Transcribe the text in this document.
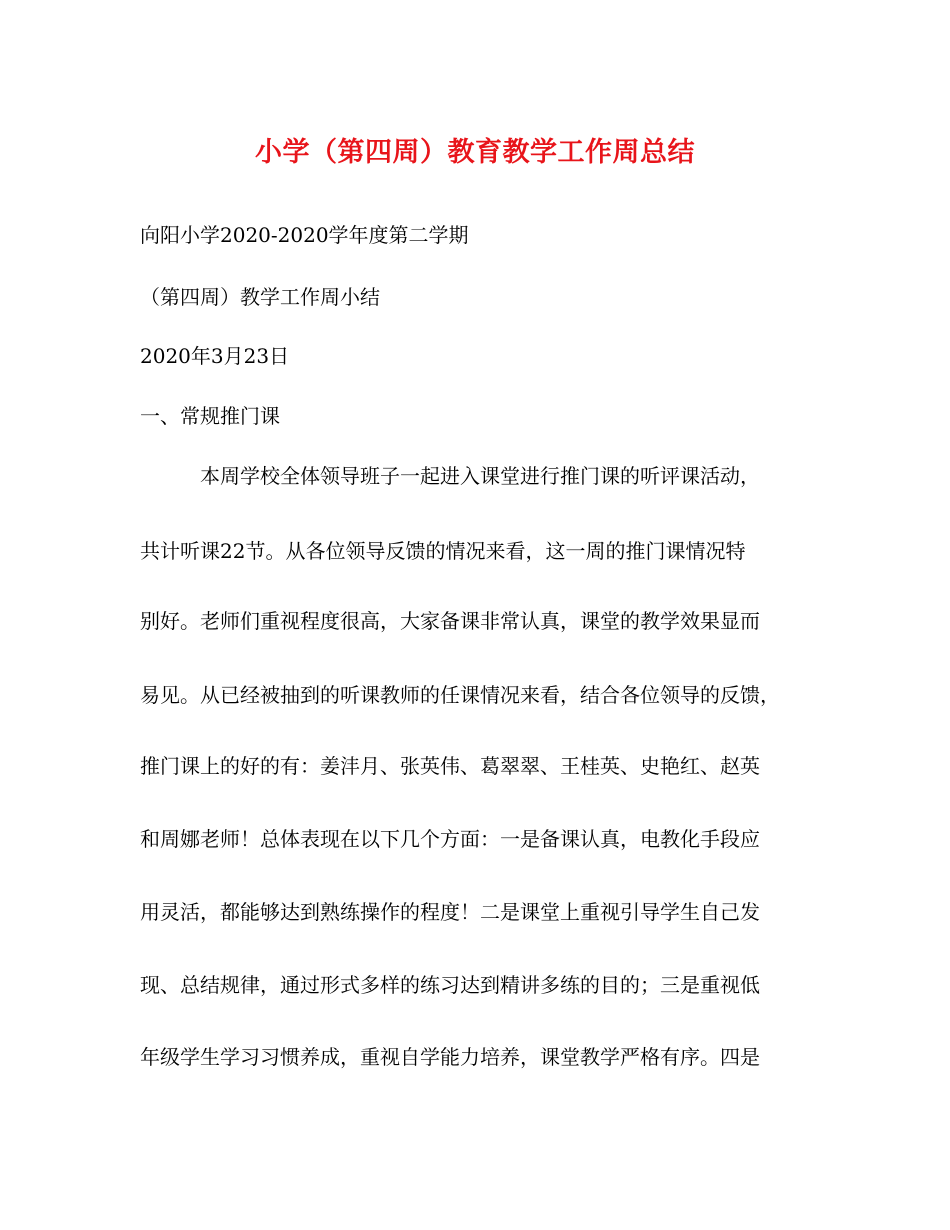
小学（第四周）教育教学工作周总结
向阳小学2020-2020学年度第二学期
（第四周）教学工作周小结
2020年3月23日
一、常规推门课
　　　本周学校全体领导班子一起进入课堂进行推门课的听评课活动，
共计听课22节。从各位领导反馈的情况来看，这一周的推门课情况特
别好。老师们重视程度很高，大家备课非常认真，课堂的教学效果显而
易见。从已经被抽到的听课教师的任课情况来看，结合各位领导的反馈，
推门课上的好的有：姜沣月、张英伟、葛翠翠、王桂英、史艳红、赵英
和周娜老师！总体表现在以下几个方面：一是备课认真，电教化手段应
用灵活，都能够达到熟练操作的程度！二是课堂上重视引导学生自己发
现、总结规律，通过形式多样的练习达到精讲多练的目的；三是重视低
年级学生学习习惯养成，重视自学能力培养，课堂教学严格有序。四是
